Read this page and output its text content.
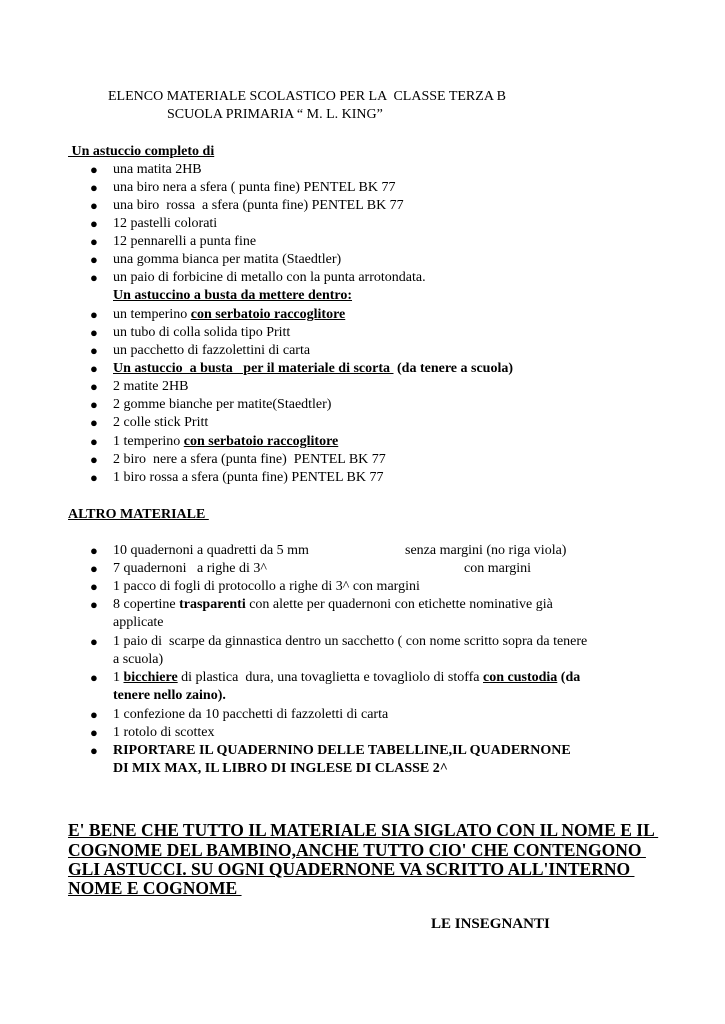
ELENCO MATERIALE SCOLASTICO PER LA  CLASSE TERZA B
SCUOLA PRIMARIA “ M. L. KING”
Un astuccio completo di
● una matita 2HB
● una biro nera a sfera ( punta fine) PENTEL BK 77
● una biro  rossa  a sfera (punta fine) PENTEL BK 77
● 12 pastelli colorati
● 12 pennarelli a punta fine
● una gomma bianca per matita (Staedtler)
● un paio di forbicine di metallo con la punta arrotondata.
Un astuccino a busta da mettere dentro:
● un temperino con serbatoio raccoglitore
● un tubo di colla solida tipo Pritt
● un pacchetto di fazzolettini di carta
● Un astuccio  a busta   per il materiale di scorta  (da tenere a scuola)
● 2 matite 2HB
● 2 gomme bianche per matite(Staedtler)
● 2 colle stick Pritt
● 1 temperino con serbatoio raccoglitore
● 2 biro  nere a sfera (punta fine)  PENTEL BK 77
● 1 biro rossa a sfera (punta fine) PENTEL BK 77
ALTRO MATERIALE
● 10 quadernoni a quadretti da 5 mm	senza margini (no riga viola)
● 7 quadernoni   a righe di 3^	con margini
● 1 pacco di fogli di protocollo a righe di 3^ con margini
● 8 copertine trasparenti con alette per quadernoni con etichette nominative già
applicate
● 1 paio di  scarpe da ginnastica dentro un sacchetto ( con nome scritto sopra da tenere
a scuola)
● 1 bicchiere di plastica  dura, una tovaglietta e tovagliolo di stoffa con custodia (da
tenere nello zaino).
● 1 confezione da 10 pacchetti di fazzoletti di carta
● 1 rotolo di scottex
● RIPORTARE IL QUADERNINO DELLE TABELLINE,IL QUADERNONE
DI MIX MAX, IL LIBRO DI INGLESE DI CLASSE 2^
E' BENE CHE TUTTO IL MATERIALE SIA SIGLATO CON IL NOME E IL
COGNOME DEL BAMBINO,ANCHE TUTTO CIO' CHE CONTENGONO
GLI ASTUCCI. SU OGNI QUADERNONE VA SCRITTO ALL'INTERNO
NOME E COGNOME
LE INSEGNANTI
